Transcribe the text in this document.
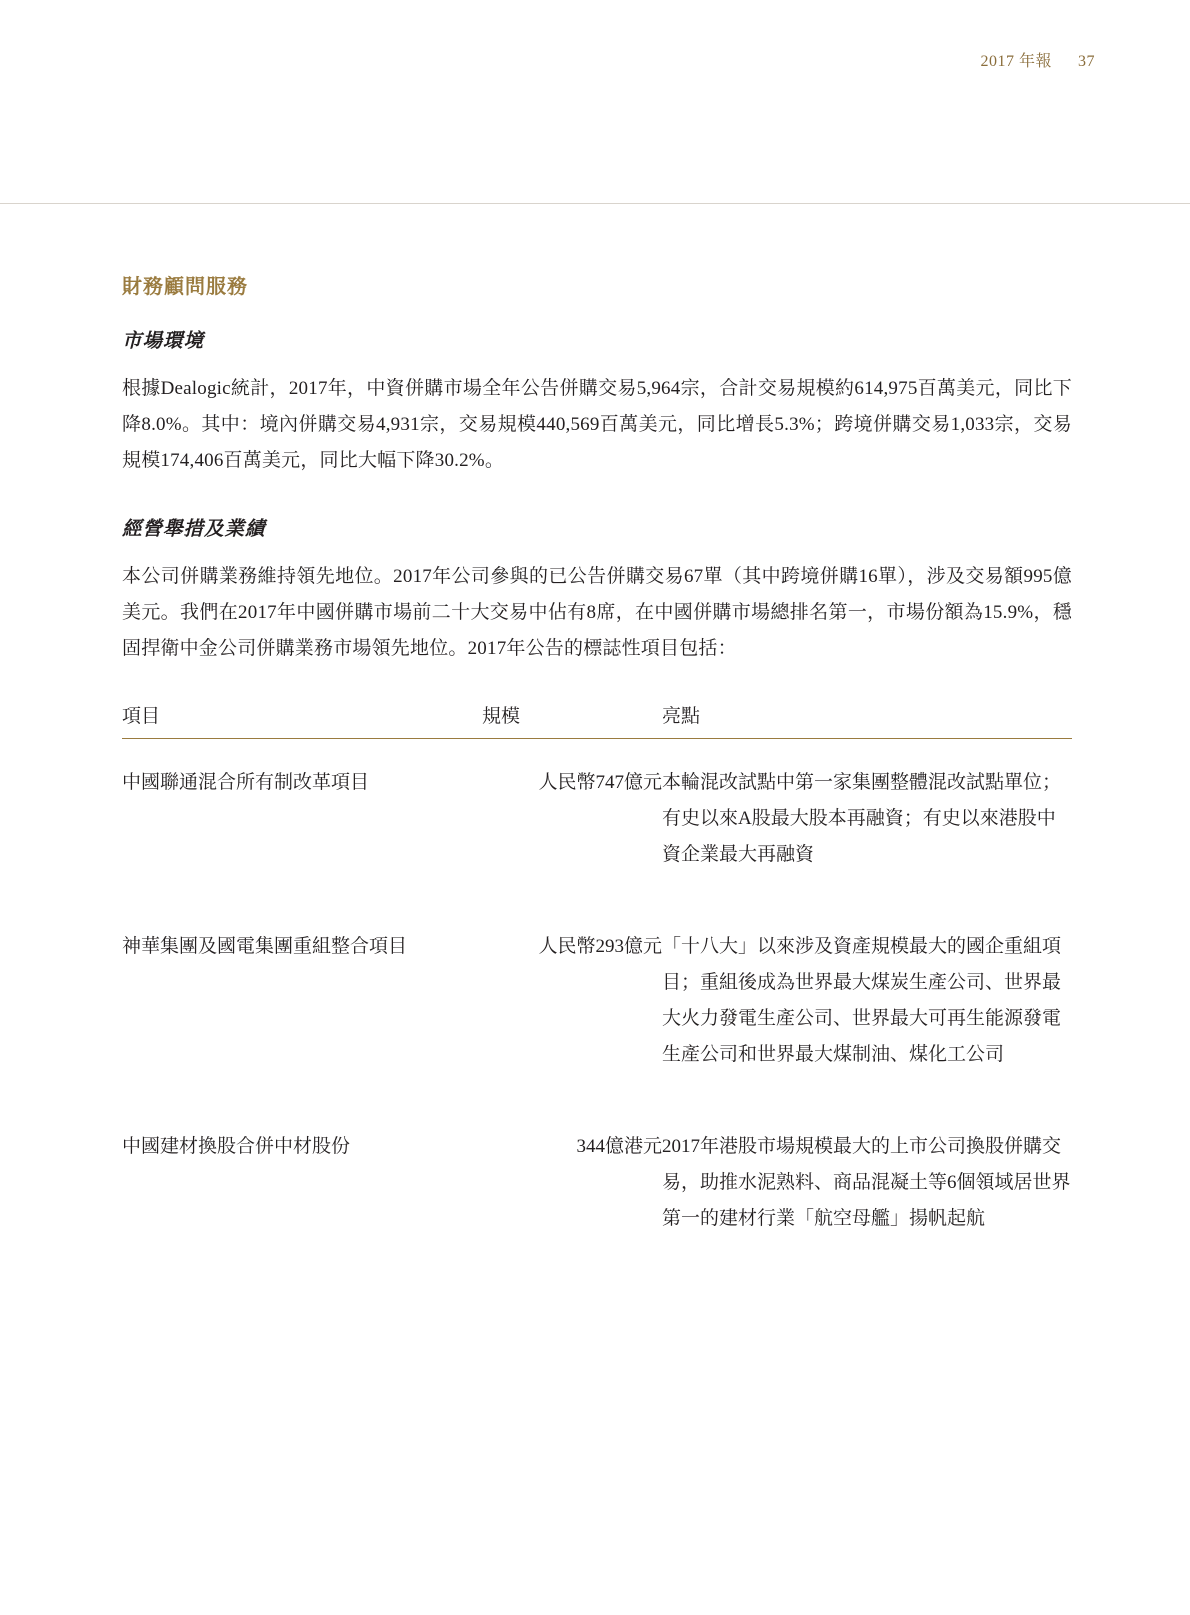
2017 年報 37
財務顧問服務
市場環境

根據Dealogic統計，2017年，中資併購市場全年公告併購交易5,964宗，合計交易規模約614,975百萬美元，同比下降8.0%。其中：境內併購交易4,931宗，交易規模440,569百萬美元，同比增長5.3%；跨境併購交易1,033宗，交易規模174,406百萬美元，同比大幅下降30.2%。

經營舉措及業績

本公司併購業務維持領先地位。2017年公司參與的已公告併購交易67單（其中跨境併購16單），涉及交易額995億美元。我們在2017年中國併購市場前二十大交易中佔有8席，在中國併購市場總排名第一，市場份額為15.9%，穩固捍衛中金公司併購業務市場領先地位。2017年公告的標誌性項目包括：

項目	規模	亮點
中國聯通混合所有制改革項目	人民幣747億元	本輪混改試點中第一家集團整體混改試點單位；有史以來A股最大股本再融資；有史以來港股中資企業最大再融資
神華集團及國電集團重組整合項目	人民幣293億元	「十八大」以來涉及資產規模最大的國企重組項目；重組後成為世界最大煤炭生產公司、世界最大火力發電生產公司、世界最大可再生能源發電生產公司和世界最大煤制油、煤化工公司
中國建材換股合併中材股份	344億港元	2017年港股市場規模最大的上市公司換股併購交易，助推水泥熟料、商品混凝土等6個領域居世界第一的建材行業「航空母艦」揚帆起航
